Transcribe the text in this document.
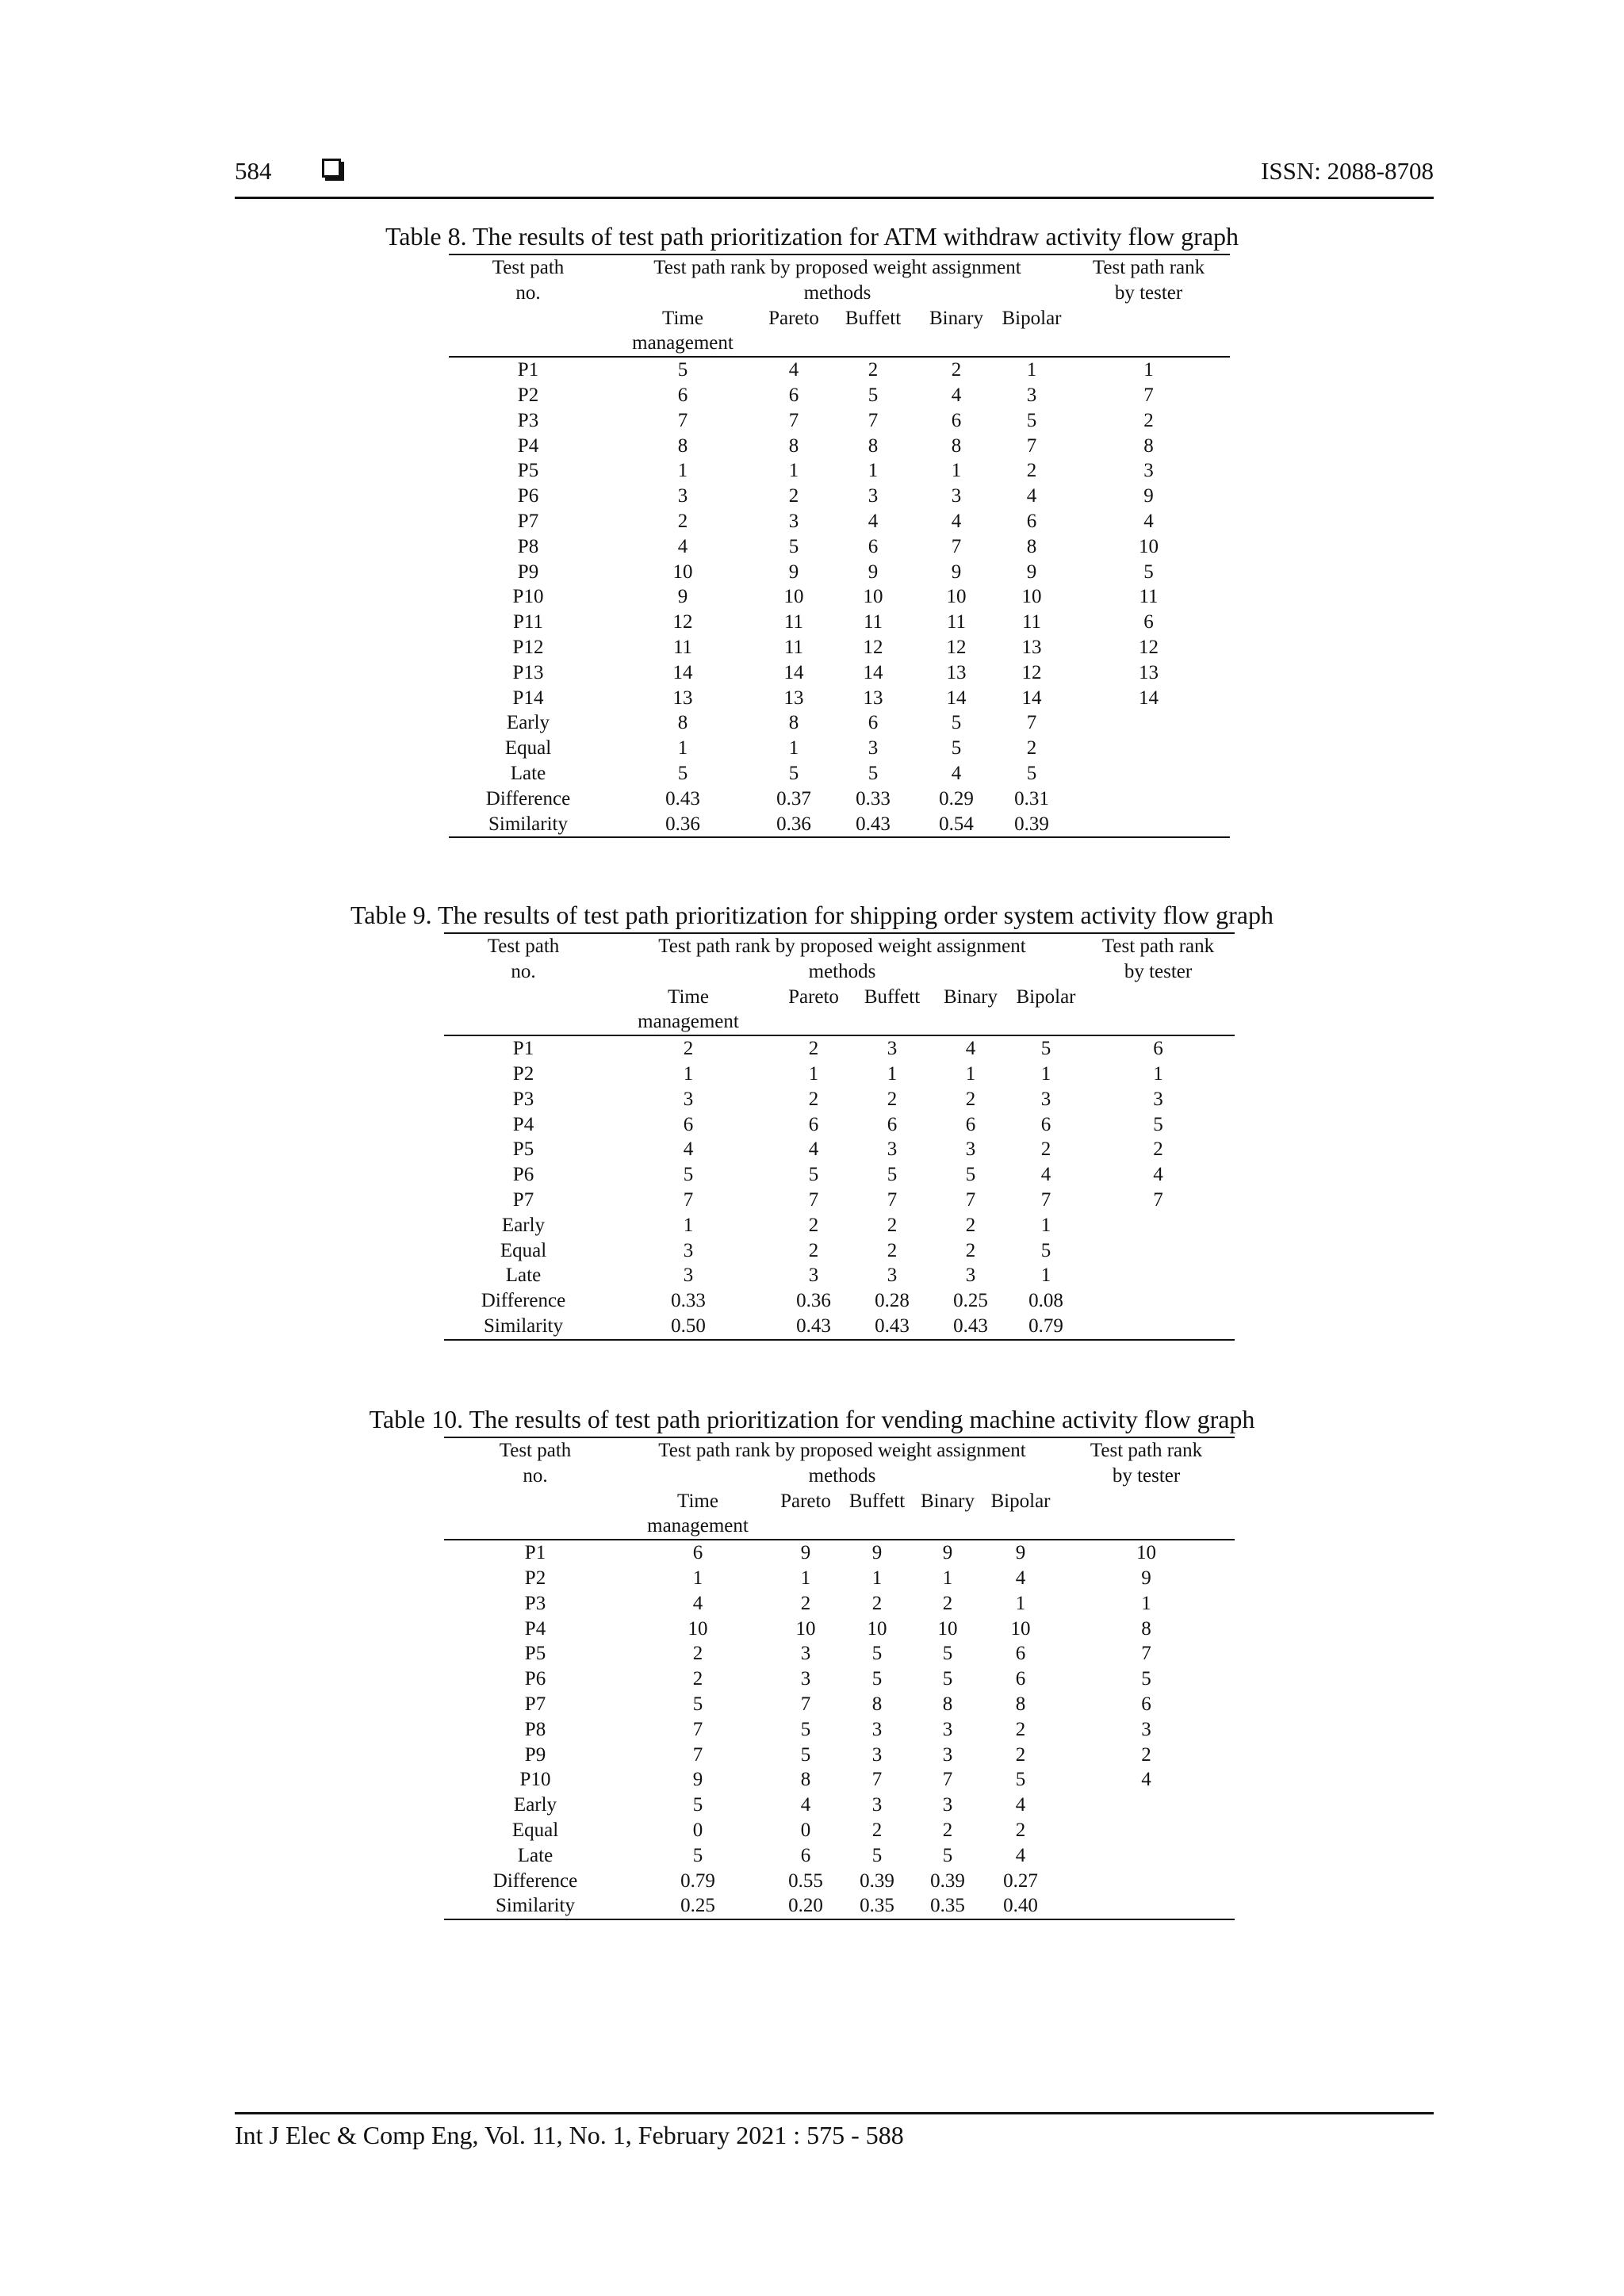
584	ISSN: 2088-8708
Table 8. The results of test path prioritization for ATM withdraw activity flow graph
Test path
no.	Test path rank by proposed weight assignment
methods					Test path rank
by tester
	Time
management	Pareto	Buffett	Binary	Bipolar	
P1	5	4	2	2	1	1
P2	6	6	5	4	3	7
P3	7	7	7	6	5	2
P4	8	8	8	8	7	8
P5	1	1	1	1	2	3
P6	3	2	3	3	4	9
P7	2	3	4	4	6	4
P8	4	5	6	7	8	10
P9	10	9	9	9	9	5
P10	9	10	10	10	10	11
P11	12	11	11	11	11	6
P12	11	11	12	12	13	12
P13	14	14	14	13	12	13
P14	13	13	13	14	14	14
Early	8	8	6	5	7	
Equal	1	1	3	5	2	
Late	5	5	5	4	5	
Difference	0.43	0.37	0.33	0.29	0.31	
Similarity	0.36	0.36	0.43	0.54	0.39	
Table 9. The results of test path prioritization for shipping order system activity flow graph
Test path
no.	Test path rank by proposed weight assignment
methods					Test path rank
by tester
	Time
management	Pareto	Buffett	Binary	Bipolar	
P1	2	2	3	4	5	6
P2	1	1	1	1	1	1
P3	3	2	2	2	3	3
P4	6	6	6	6	6	5
P5	4	4	3	3	2	2
P6	5	5	5	5	4	4
P7	7	7	7	7	7	7
Early	1	2	2	2	1	
Equal	3	2	2	2	5	
Late	3	3	3	3	1	
Difference	0.33	0.36	0.28	0.25	0.08	
Similarity	0.50	0.43	0.43	0.43	0.79	
Table 10. The results of test path prioritization for vending machine activity flow graph
Test path
no.	Test path rank by proposed weight assignment
methods					Test path rank
by tester
	Time
management	Pareto	Buffett	Binary	Bipolar	
P1	6	9	9	9	9	10
P2	1	1	1	1	4	9
P3	4	2	2	2	1	1
P4	10	10	10	10	10	8
P5	2	3	5	5	6	7
P6	2	3	5	5	6	5
P7	5	7	8	8	8	6
P8	7	5	3	3	2	3
P9	7	5	3	3	2	2
P10	9	8	7	7	5	4
Early	5	4	3	3	4	
Equal	0	0	2	2	2	
Late	5	6	5	5	4	
Difference	0.79	0.55	0.39	0.39	0.27	
Similarity	0.25	0.20	0.35	0.35	0.40	
Int J Elec & Comp Eng, Vol. 11, No. 1, February 2021 : 575 - 588
